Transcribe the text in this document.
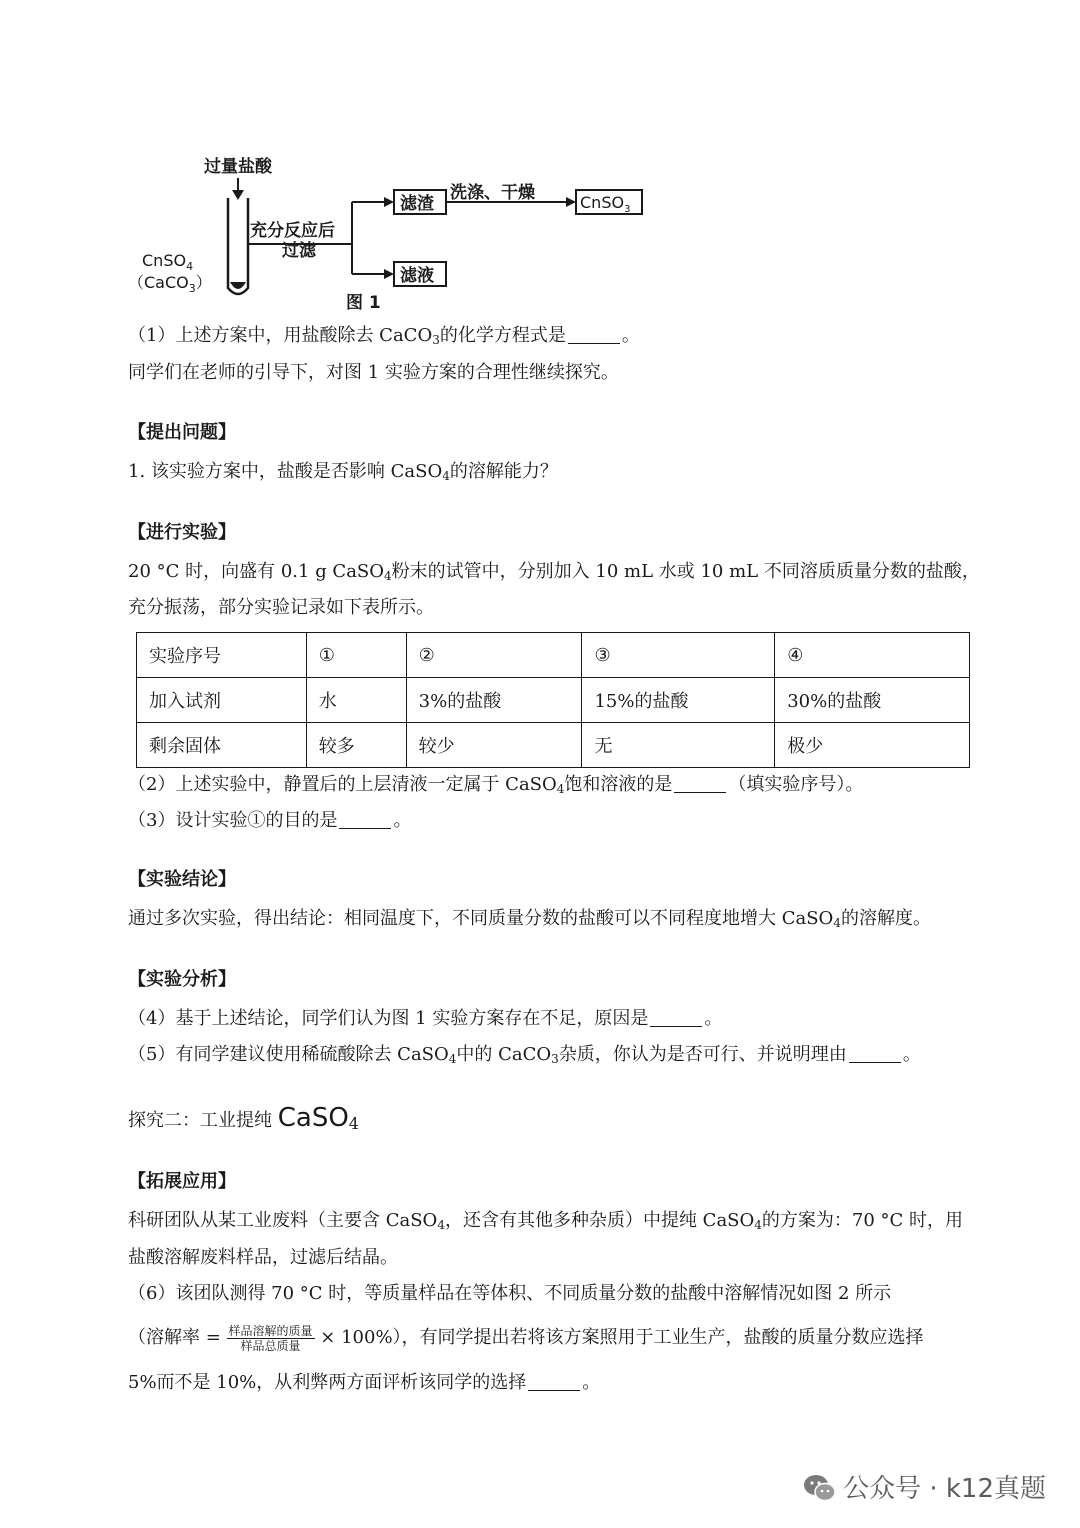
过量盐酸
CnSO$_4$
（CaCO$_3$）
充分反应后
过滤
滤渣
洗涤、干燥	CnSO$_3$
滤液
图 1
（1）上述方案中，用盐酸除去 CaCO$_3$的化学方程式是	。
同学们在老师的引导下，对图 1 实验方案的合理性继续探究。
【提出问题】
1. 该实验方案中，盐酸是否影响 CaSO$_4$的溶解能力？
【进行实验】
20 °C 时，向盛有 0.1 g CaSO$_4$粉末的试管中，分别加入 10 mL 水或 10 mL 不同溶质质量分数的盐酸，
充分振荡，部分实验记录如下表所示。
实验序号	①	②	③	④
加入试剂	水	3%的盐酸	15%的盐酸	30%的盐酸
剩余固体	较多	较少	无	极少
（2）上述实验中，静置后的上层清液一定属于 CaSO$_4$饱和溶液的是	（填实验序号）。
（3）设计实验①的目的是	。
【实验结论】
通过多次实验，得出结论：相同温度下，不同质量分数的盐酸可以不同程度地增大 CaSO$_4$的溶解度。
【实验分析】
（4）基于上述结论，同学们认为图 1 实验方案存在不足，原因是	。
（5）有同学建议使用稀硫酸除去 CaSO$_4$中的 CaCO$_3$杂质，你认为是否可行、并说明理由	。
探究二：工业提纯 CaSO$_4$
【拓展应用】
科研团队从某工业废料（主要含 CaSO$_4$，还含有其他多种杂质）中提纯 CaSO$_4$的方案为：70 °C 时，用
盐酸溶解废料样品，过滤后结晶。
（6）该团队测得 70 °C 时，等质量样品在等体积、不同质量分数的盐酸中溶解情况如图 2 所示
（溶解率 = $\frac{\text{样品溶解的质量}}{\text{样品总质量}} \times 100\%$），有同学提出若将该方案照用于工业生产，盐酸的质量分数应选择
5%而不是 10%，从利弊两方面评析该同学的选择	。
公众号 · k12真题
